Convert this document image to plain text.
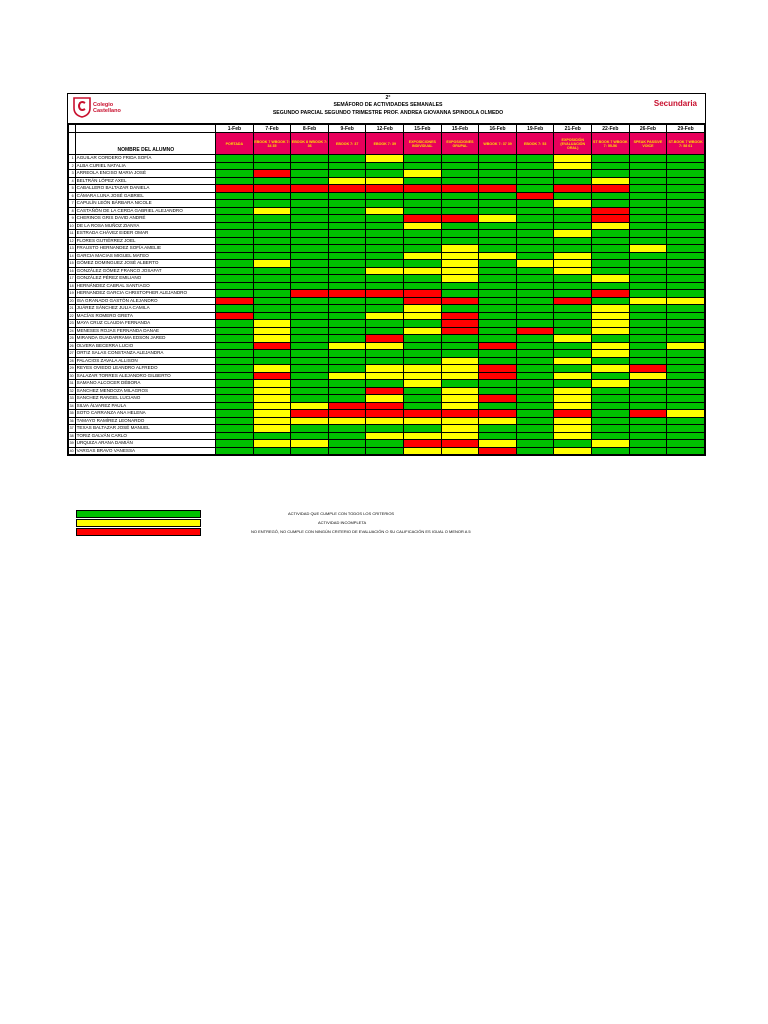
Colegio
Castellano
2°
SEMÁFORO DE ACTIVIDADES SEMANALES
SEGUNDO PARCIAL SEGUNDO TRIMESTRE PROF. ANDREA GIOVANNA SPINDOLA OLMEDO
Secundaria
		1-Feb	7-Feb	8-Feb	9-Feb	12-Feb	15-Feb	15-Feb	16-Feb	19-Feb	21-Feb	22-Feb	26-Feb	29-Feb
	NOMBRE DEL ALUMNO	PORTADA	EBOOK 7 WBOOK 7: 34 35	EBOOK 8 WBOOK 7: 36	EBOOK 7: 37	EBOOK 7: 39	EXPOSICIONES INDIVIDUAL	EXPOSICIONES GRUPAL	WBOOK 7: 37 39	EBOOK 7: 53	EXPOSICIÓN (EVALUACIÓN ORAL)	ST BOOK 7 WBOOK 7: 55-56	SPEAK PASSIVE VOICE	ST.BOOK 7 WBOOK 7: 58 61
1	AGUILAR CORDERO FRIDA SOFÍA													
2	ALBA CURIEL NATALIA													
3	ARREOLA ENCISO MARIA JOSÉ													
4	BELTRÁN LÓPEZ AXEL													
5	CABALLERO BALTAZAR DANIELA													
6	CÁMARA LUNA JOSÉ GABRIEL													
7	CAPULÍN LEÓN BÁRBARA NICOLE													
8	CASTAÑÓN DE LA CERDA GABRIEL ALEJANDRO													
9	CHERINOS GRIS DAVID ANDRÉ													
10	DE LA ROSA MUÑOZ ZIANYA													
11	ESTRADA CHÁVEZ EIDER OMAR													
12	FLORES GUTIÉRREZ JOEL													
13	FRAUSTO HERNANDEZ SOFÍA AMELIE													
14	GARCIA MACIAS MIGUEL MATEO													
15	GÓMEZ DOMINGUEZ JOSÉ ALBERTO													
16	GONZÁLEZ GÓMEZ FRANCO JOSAFAT													
17	GONZÁLEZ PÉREZ EMILIANO													
18	HERNÁNDEZ CABRAL SANTIAGO													
19	HERNANDEZ GARCIA CHRISTOPHER ALEJANDRO													
20	ISA GRANADO GASTÓN ALEJANDRO													
21	JUÁREZ SÁNCHEZ JULIA CAMILA													
22	MACÍAS ROMERO GRETA													
23	MAYA CRUZ CLAUDIA FERNANDA													
24	MENESES ROJAS FERNANDA DANAE													
25	MIRANDA GUADARRAMA EDSON JARED													
26	OLVERA BECERRA LUCIO													
27	ORTIZ SALAS CONSTANZA ALEJANDRA													
28	PALACIOS ZAVALA ALLISON													
29	REYES OVIEDO LEANDRO ALFREDO													
30	SALAZAR TORRES ALEJANDRO GILBERTO													
31	SAMANO ALCOCER DÉBORA													
32	SANCHEZ MENDOZA MILAGROS													
33	SANCHEZ RANGEL LUCIANO													
34	SILVA ÁLVAREZ PAULA													
35	SOTO CARRANZA ANA HELENA													
36	TAMAYO RAMÍREZ LEONARDO													
37	TEXAS BALTAZAR JOSÉ MANUEL													
38	TORIZ GALVÁN CARLO													
39	URQUIZA ARANA DAMIÁN													
40	VARGAS BRAVO VANESSA													
ACTIVIDAD QUE CUMPLE CON TODOS LOS CRITERIOS
ACTIVIDAD INCOMPLETA
NO ENTREGÓ, NO CUMPLE CON NINGÚN CRITERIO DE EVALUACIÓN O SU CALIFICACIÓN ES IGUAL O MENOR A 5
